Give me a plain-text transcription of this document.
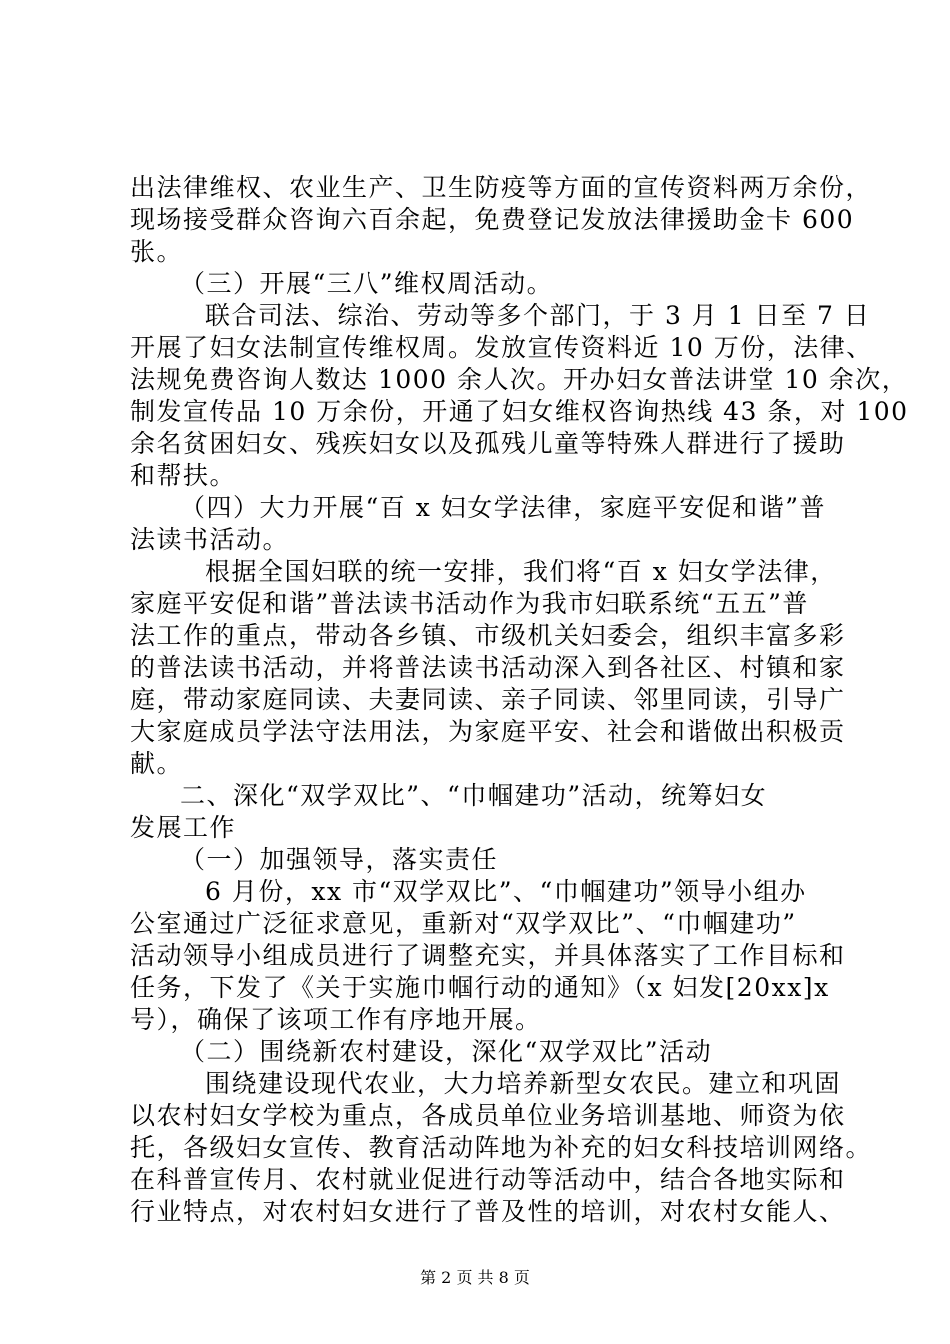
出法律维权、农业生产、卫生防疫等方面的宣传资料两万余份，
现场接受群众咨询六百余起，免费登记发放法律援助金卡 600
张。
（三）开展“三八”维权周活动。
联合司法、综治、劳动等多个部门，于 3 月 1 日至 7 日
开展了妇女法制宣传维权周。发放宣传资料近 10 万份，法律、
法规免费咨询人数达 1000 余人次。开办妇女普法讲堂 10 余次，
制发宣传品 10 万余份，开通了妇女维权咨询热线 43 条，对 100
余名贫困妇女、残疾妇女以及孤残儿童等特殊人群进行了援助
和帮扶。
（四）大力开展“百 x 妇女学法律，家庭平安促和谐”普
法读书活动。
根据全国妇联的统一安排，我们将“百 x 妇女学法律，
家庭平安促和谐”普法读书活动作为我市妇联系统“五五”普
法工作的重点，带动各乡镇、市级机关妇委会，组织丰富多彩
的普法读书活动，并将普法读书活动深入到各社区、村镇和家
庭，带动家庭同读、夫妻同读、亲子同读、邻里同读，引导广
大家庭成员学法守法用法，为家庭平安、社会和谐做出积极贡
献。
二、深化“双学双比”、“巾帼建功”活动，统筹妇女
发展工作
（一）加强领导，落实责任
6 月份，xx 市“双学双比”、“巾帼建功”领导小组办
公室通过广泛征求意见，重新对“双学双比”、“巾帼建功”
活动领导小组成员进行了调整充实，并具体落实了工作目标和
任务，下发了《关于实施巾帼行动的通知》（x 妇发[20xx]x
号），确保了该项工作有序地开展。
（二）围绕新农村建设，深化“双学双比”活动
围绕建设现代农业，大力培养新型女农民。建立和巩固
以农村妇女学校为重点，各成员单位业务培训基地、师资为依
托，各级妇女宣传、教育活动阵地为补充的妇女科技培训网络。
在科普宣传月、农村就业促进行动等活动中，结合各地实际和
行业特点，对农村妇女进行了普及性的培训，对农村女能人、
第 2 页 共 8 页
